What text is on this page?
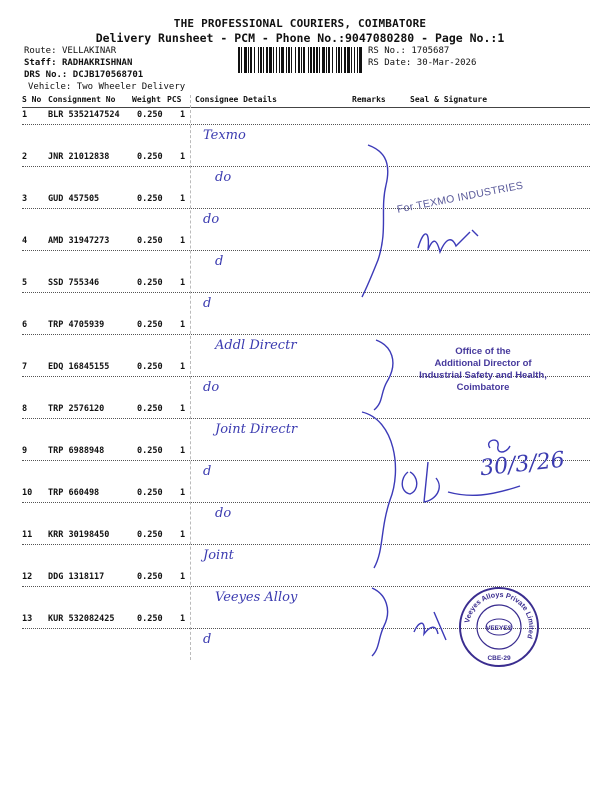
THE PROFESSIONAL COURIERS, COIMBATORE
Delivery Runsheet - PCM - Phone No.:9047080280 - Page No.:1
Route: VELLAKINAR
Staff: RADHAKRISHNAN
DRS No.: DCJB170568701
Vehicle: Two Wheeler Delivery
RS No.: 1705687
RS Date: 30-Mar-2026
S No Consignment No Weight PCS Consignee Details	Remarks	Seal & Signature
1 BLR 5352147524 0.250 1
Texmo
2 JNR 21012838	0.250 1
do
3 GUD 457505	0.250 1
do
4 AMD 31947273	0.250 1
d
5 SSD 755346	0.250 1
d
6 TRP 4705939	0.250 1
Addl Directr
7 EDQ 16845155	0.250 1
do
8 TRP 2576120	0.250 1
Joint Directr
9 TRP 6988948	0.250 1
d
10 TRP 660498	0.250 1
do
11 KRR 30198450	0.250 1
Joint
12 DDG 1318117	0.250 1
Veeyes Alloy
13 KUR 532082425	0.250 1
d
For TEXMO INDUSTRIES
Office of the
Additional Director of
Industrial Safety and Health,
Coimbatore
30/3/26
Veeyes Alloys Private Limited
VEEYES
CBE-29
